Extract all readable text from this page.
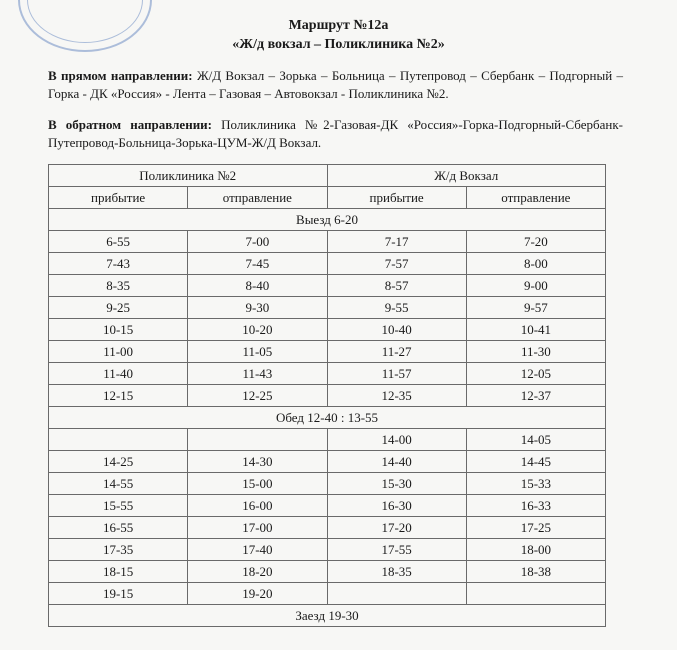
Маршрут №12а
«Ж/д вокзал – Поликлиника №2»
В прямом направлении: Ж/Д Вокзал – Зорька – Больница – Путепровод – Сбербанк – Подгорный – Горка - ДК «Россия» - Лента – Газовая – Автовокзал - Поликлиника №2.
В обратном направлении: Поликлиника №2-Газовая-ДК «Россия»-Горка-Подгорный-Сбербанк-Путепровод-Больница-Зорька-ЦУМ-Ж/Д Вокзал.
Поликлиника №2		Ж/д Вокзал	
прибытие	отправление	прибытие	отправление
Выезд 6-20			
6-55	7-00	7-17	7-20
7-43	7-45	7-57	8-00
8-35	8-40	8-57	9-00
9-25	9-30	9-55	9-57
10-15	10-20	10-40	10-41
11-00	11-05	11-27	11-30
11-40	11-43	11-57	12-05
12-15	12-25	12-35	12-37
Обед 12-40 : 13-55			
		14-00	14-05
14-25	14-30	14-40	14-45
14-55	15-00	15-30	15-33
15-55	16-00	16-30	16-33
16-55	17-00	17-20	17-25
17-35	17-40	17-55	18-00
18-15	18-20	18-35	18-38
19-15	19-20		
Заезд 19-30			
